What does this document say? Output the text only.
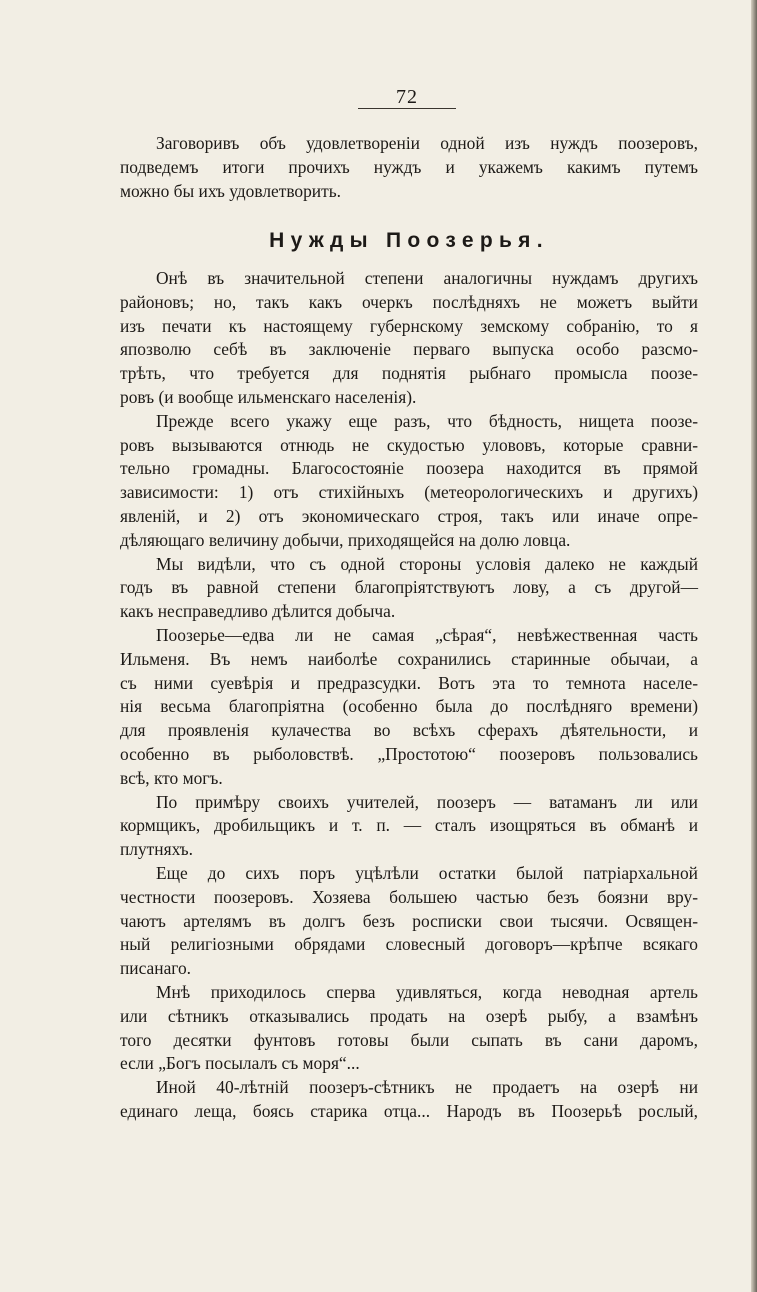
72

Заговоривъ объ удовлетвореніи одной изъ нуждъ поозеровъ,

подведемъ итоги прочихъ нуждъ и укажемъ какимъ путемъ

можно бы ихъ удовлетворить.

Нужды Поозерья.

Онѣ въ значительной степени аналогичны нуждамъ другихъ

районовъ; но, такъ какъ очеркъ послѣдняхъ не можетъ выйти

изъ печати къ настоящему губернскому земскому собранію, то я

япозволю себѣ въ заключеніе перваго выпуска особо разсмо-

трѣть, что требуется для поднятія рыбнаго промысла поозе-

ровъ (и вообще ильменскаго населенія).

Прежде всего укажу еще разъ, что бѣдность, нищета поозе-

ровъ вызываются отнюдь не скудостью улововъ, которые сравни-

тельно громадны. Благосостояніе поозера находится въ прямой

зависимости: 1) отъ стихійныхъ (метеорологическихъ и другихъ)

явленій, и 2) отъ экономическаго строя, такъ или иначе опре-

дѣляющаго величину добычи, приходящейся на долю ловца.

Мы видѣли, что съ одной стороны условія далеко не каждый

годъ въ равной степени благопріятствуютъ лову, а съ другой—

какъ несправедливо дѣлится добыча.

Поозерье—едва ли не самая „сѣрая“, невѣжественная часть

Ильменя. Въ немъ наиболѣе сохранились старинные обычаи, а

съ ними суевѣрія и предразсудки. Вотъ эта то темнота населе-

нія весьма благопріятна (особенно была до послѣдняго времени)

для проявленія кулачества во всѣхъ сферахъ дѣятельности, и

особенно въ рыболовствѣ. „Простотою“ поозеровъ пользовались

всѣ, кто могъ.

По примѣру своихъ учителей, поозеръ — ватаманъ ли или

кормщикъ, дробильщикъ и т. п. — сталъ изощряться въ обманѣ и

плутняхъ.

Еще до сихъ поръ уцѣлѣли остатки былой патріархальной

честности поозеровъ. Хозяева большею частью безъ боязни вру-

чаютъ артелямъ въ долгъ безъ росписки свои тысячи. Освящен-

ный религіозными обрядами словесный договоръ—крѣпче всякаго

писанаго.

Мнѣ приходилось сперва удивляться, когда неводная артель

или сѣтникъ отказывались продать на озерѣ рыбу, а взамѣнъ

того десятки фунтовъ готовы были сыпать въ сани даромъ,

если „Богъ посылалъ съ моря“...

Иной 40-лѣтній поозеръ-сѣтникъ не продаетъ на озерѣ ни

единаго леща, боясь старика отца... Народъ въ Поозерьѣ рослый,
